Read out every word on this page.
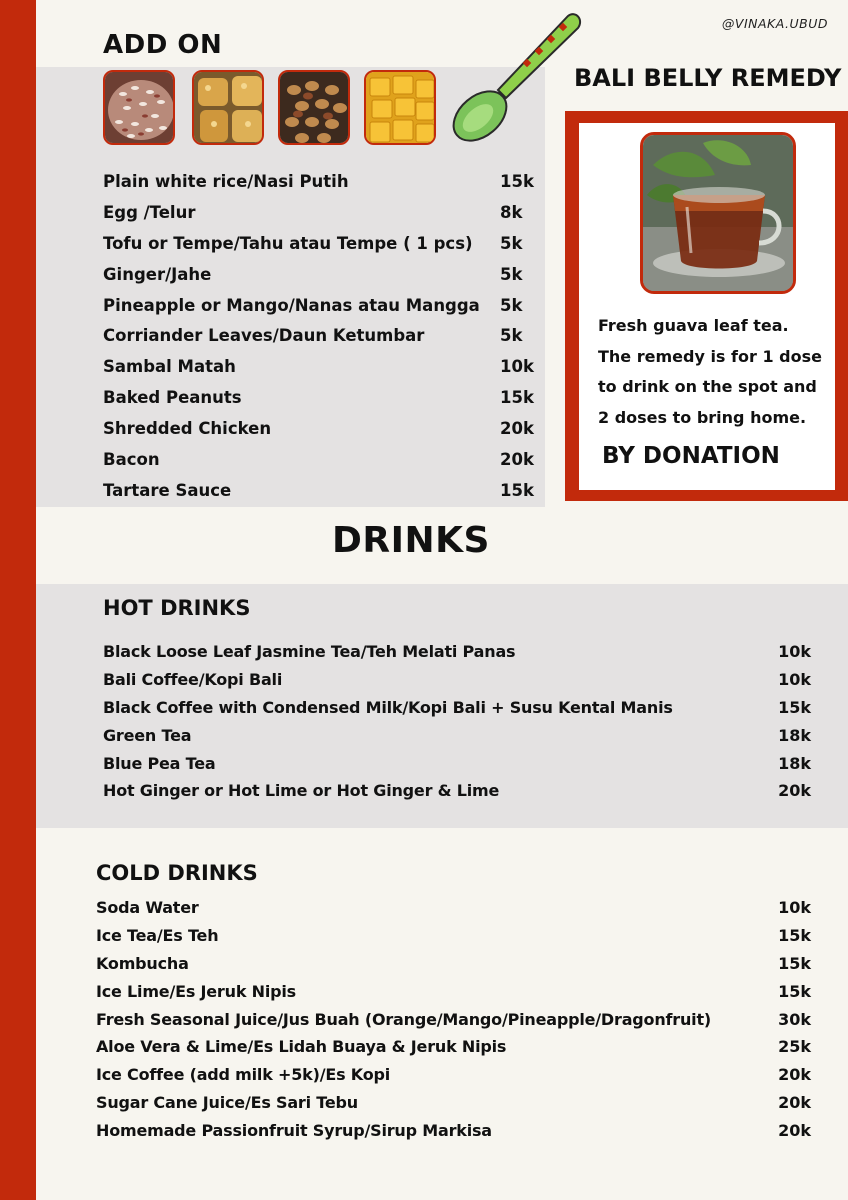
@VINAKA.UBUD
ADD ON
Plain white rice/Nasi Putih	15k
Egg /Telur	8k
Tofu or Tempe/Tahu atau Tempe ( 1 pcs) 5k
Ginger/Jahe	5k
Pineapple or Mango/Nanas atau Mangga 5k
Corriander Leaves/Daun Ketumbar	5k
Sambal Matah	10k
Baked Peanuts	15k
Shredded Chicken	20k
Bacon	20k
Tartare Sauce	15k
BALI BELLY REMEDY
Fresh guava leaf tea.
The remedy is for 1 dose
to drink on the spot and
2 doses to bring home.
BY DONATION
DRINKS
HOT DRINKS
Black Loose Leaf Jasmine Tea/Teh Melati Panas	10k
Bali Coffee/Kopi Bali	10k
Black Coffee with Condensed Milk/Kopi Bali + Susu Kental Manis	15k
Green Tea	18k
Blue Pea Tea	18k
Hot Ginger or Hot Lime or Hot Ginger & Lime	20k
COLD DRINKS
Soda Water	10k
Ice Tea/Es Teh	15k
Kombucha	15k
Ice Lime/Es Jeruk Nipis	15k
Fresh Seasonal Juice/Jus Buah (Orange/Mango/Pineapple/Dragonfruit)	30k
Aloe Vera & Lime/Es Lidah Buaya & Jeruk Nipis	25k
Ice Coffee (add milk +5k)/Es Kopi	20k
Sugar Cane Juice/Es Sari Tebu	20k
Homemade Passionfruit Syrup/Sirup Markisa	20k
